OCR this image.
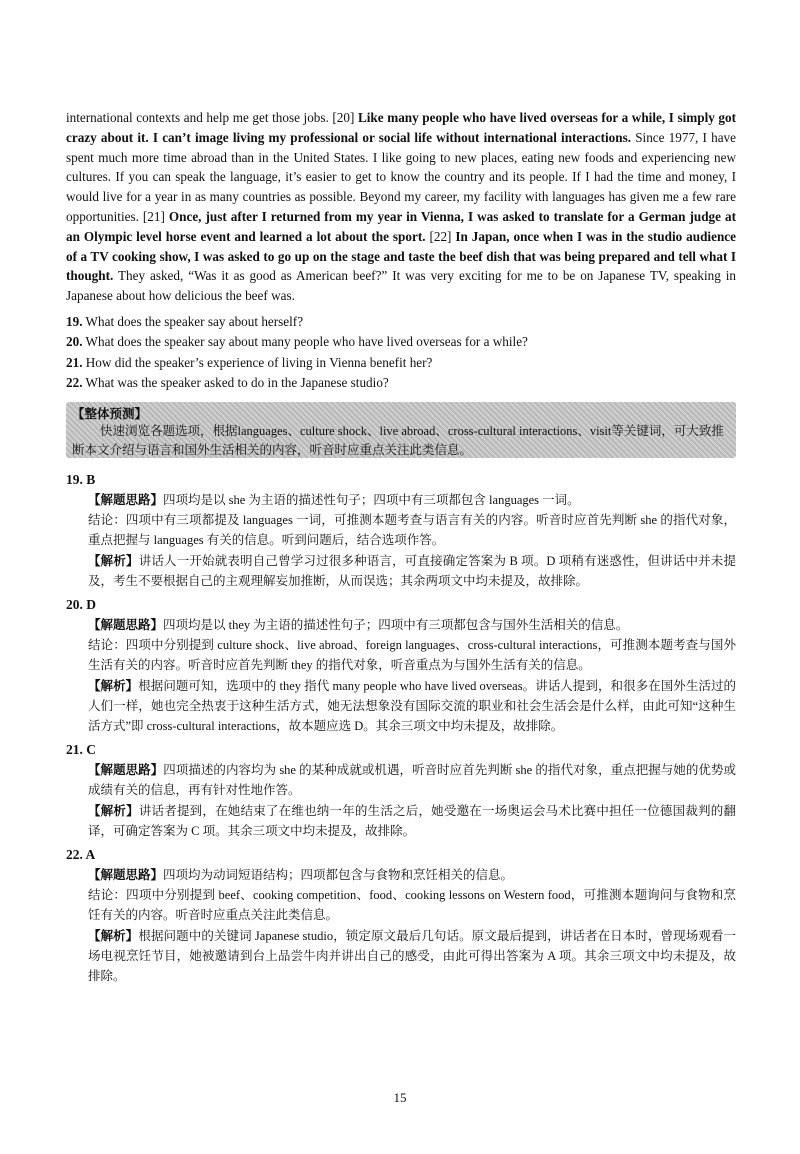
international contexts and help me get those jobs. [20] Like many people who have lived overseas for a while, I simply got crazy about it. I can’t image living my professional or social life without international interactions. Since 1977, I have spent much more time abroad than in the United States. I like going to new places, eating new foods and experiencing new cultures. If you can speak the language, it’s easier to get to know the country and its people. If I had the time and money, I would live for a year in as many countries as possible. Beyond my career, my facility with languages has given me a few rare opportunities. [21] Once, just after I returned from my year in Vienna, I was asked to translate for a German judge at an Olympic level horse event and learned a lot about the sport. [22] In Japan, once when I was in the studio audience of a TV cooking show, I was asked to go up on the stage and taste the beef dish that was being prepared and tell what I thought. They asked, “Was it as good as American beef?” It was very exciting for me to be on Japanese TV, speaking in Japanese about how delicious the beef was.

19. What does the speaker say about herself?
20. What does the speaker say about many people who have lived overseas for a while?
21. How did the speaker’s experience of living in Vienna benefit her?
22. What was the speaker asked to do in the Japanese studio?
【整体预测】
快速浏览各题选项，根据languages、culture shock、live abroad、cross-cultural interactions、visit等关键词，可大致推断本文介绍与语言和国外生活相关的内容，听音时应重点关注此类信息。
19. B

【解题思路】四项均是以 she 为主语的描述性句子；四项中有三项都包含 languages 一词。

结论：四项中有三项都提及 languages 一词，可推测本题考查与语言有关的内容。听音时应首先判断 she 的指代对象，重点把握与 languages 有关的信息。听到问题后，结合选项作答。

【解析】讲话人一开始就表明自己曾学习过很多种语言，可直接确定答案为 B 项。D 项稍有迷惑性，但讲话中并未提及，考生不要根据自己的主观理解妄加推断，从而误选；其余两项文中均未提及，故排除。

20. D

【解题思路】四项均是以 they 为主语的描述性句子；四项中有三项都包含与国外生活相关的信息。

结论：四项中分别提到 culture shock、live abroad、foreign languages、cross-cultural interactions，可推测本题考查与国外生活有关的内容。听音时应首先判断 they 的指代对象，听音重点为与国外生活有关的信息。

【解析】根据问题可知，选项中的 they 指代 many people who have lived overseas。讲话人提到，和很多在国外生活过的人们一样，她也完全热衷于这种生活方式，她无法想象没有国际交流的职业和社会生活会是什么样，由此可知“这种生活方式”即 cross-cultural interactions，故本题应选 D。其余三项文中均未提及，故排除。

21. C

【解题思路】四项描述的内容均为 she 的某种成就或机遇，听音时应首先判断 she 的指代对象，重点把握与她的优势或成绩有关的信息，再有针对性地作答。

【解析】讲话者提到，在她结束了在维也纳一年的生活之后，她受邀在一场奥运会马术比赛中担任一位德国裁判的翻译，可确定答案为 C 项。其余三项文中均未提及，故排除。

22. A

【解题思路】四项均为动词短语结构；四项都包含与食物和烹饪相关的信息。

结论：四项中分别提到 beef、cooking competition、food、cooking lessons on Western food，可推测本题询问与食物和烹饪有关的内容。听音时应重点关注此类信息。

【解析】根据问题中的关键词 Japanese studio，锁定原文最后几句话。原文最后提到，讲话者在日本时，曾现场观看一场电视烹饪节目，她被邀请到台上品尝牛肉并讲出自己的感受，由此可得出答案为 A 项。其余三项文中均未提及，故排除。

15
